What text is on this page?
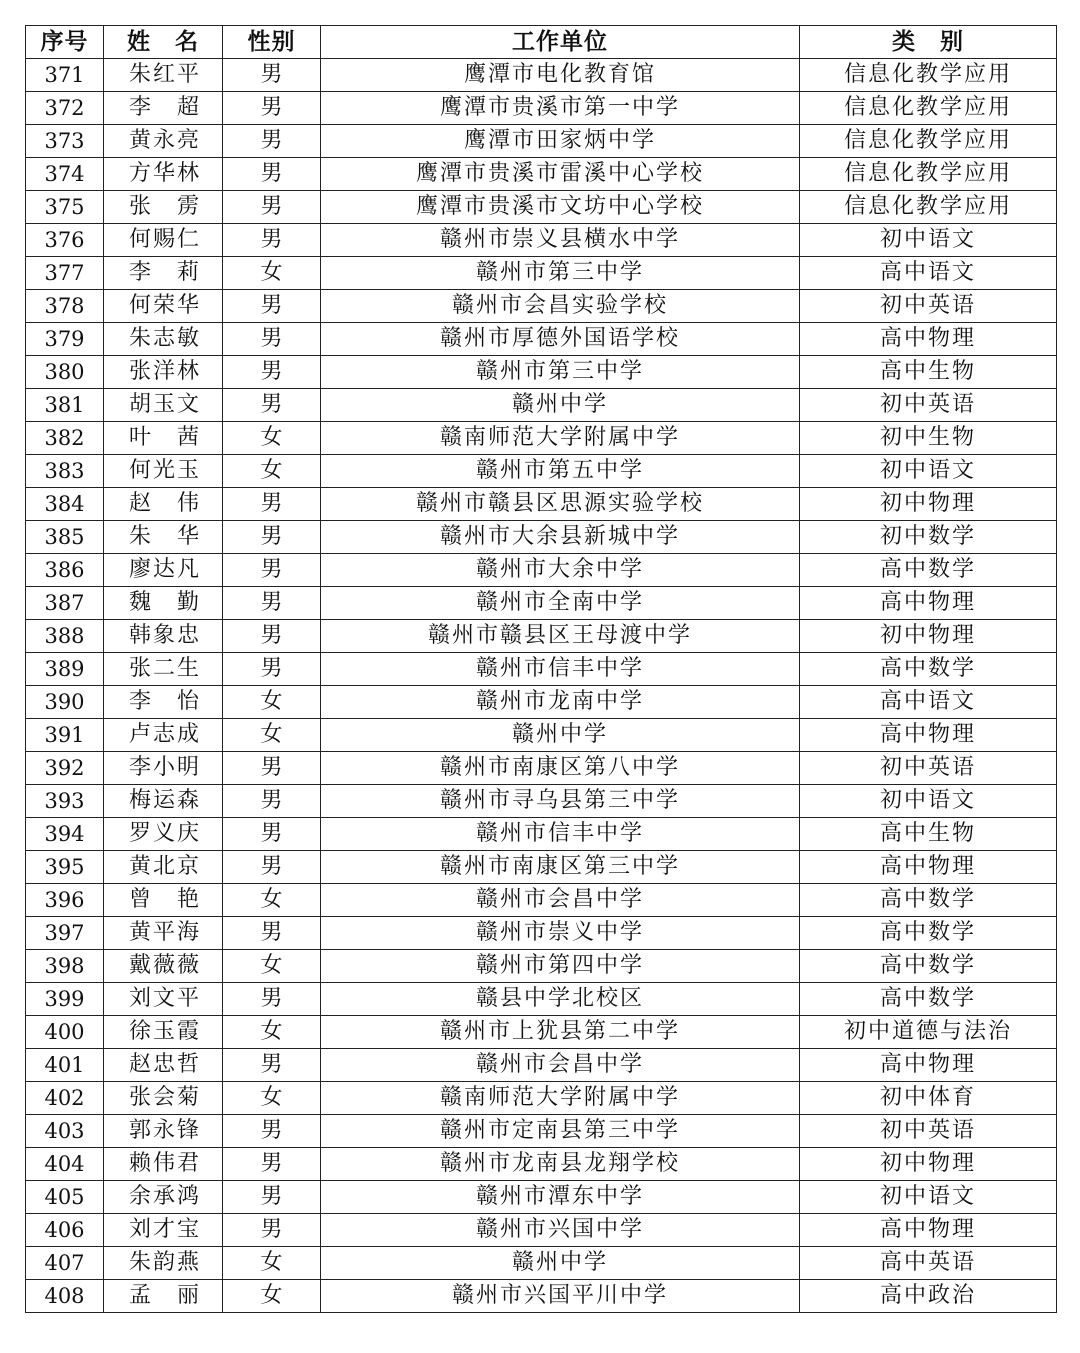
序号	姓　名	性别	工作单位	类　别
371	朱红平	男	鹰潭市电化教育馆	信息化教学应用
372	李　超	男	鹰潭市贵溪市第一中学	信息化教学应用
373	黄永亮	男	鹰潭市田家炳中学	信息化教学应用
374	方华林	男	鹰潭市贵溪市雷溪中心学校	信息化教学应用
375	张　雳	男	鹰潭市贵溪市文坊中心学校	信息化教学应用
376	何赐仁	男	赣州市崇义县横水中学	初中语文
377	李　莉	女	赣州市第三中学	高中语文
378	何荣华	男	赣州市会昌实验学校	初中英语
379	朱志敏	男	赣州市厚德外国语学校	高中物理
380	张洋林	男	赣州市第三中学	高中生物
381	胡玉文	男	赣州中学	初中英语
382	叶　茜	女	赣南师范大学附属中学	初中生物
383	何光玉	女	赣州市第五中学	初中语文
384	赵　伟	男	赣州市赣县区思源实验学校	初中物理
385	朱　华	男	赣州市大余县新城中学	初中数学
386	廖达凡	男	赣州市大余中学	高中数学
387	魏　勤	男	赣州市全南中学	高中物理
388	韩象忠	男	赣州市赣县区王母渡中学	初中物理
389	张二生	男	赣州市信丰中学	高中数学
390	李　怡	女	赣州市龙南中学	高中语文
391	卢志成	女	赣州中学	高中物理
392	李小明	男	赣州市南康区第八中学	初中英语
393	梅运森	男	赣州市寻乌县第三中学	初中语文
394	罗义庆	男	赣州市信丰中学	高中生物
395	黄北京	男	赣州市南康区第三中学	高中物理
396	曾　艳	女	赣州市会昌中学	高中数学
397	黄平海	男	赣州市崇义中学	高中数学
398	戴薇薇	女	赣州市第四中学	高中数学
399	刘文平	男	赣县中学北校区	高中数学
400	徐玉霞	女	赣州市上犹县第二中学	初中道德与法治
401	赵忠哲	男	赣州市会昌中学	高中物理
402	张会菊	女	赣南师范大学附属中学	初中体育
403	郭永锋	男	赣州市定南县第三中学	初中英语
404	赖伟君	男	赣州市龙南县龙翔学校	初中物理
405	余承鸿	男	赣州市潭东中学	初中语文
406	刘才宝	男	赣州市兴国中学	高中物理
407	朱韵燕	女	赣州中学	高中英语
408	孟　丽	女	赣州市兴国平川中学	高中政治
